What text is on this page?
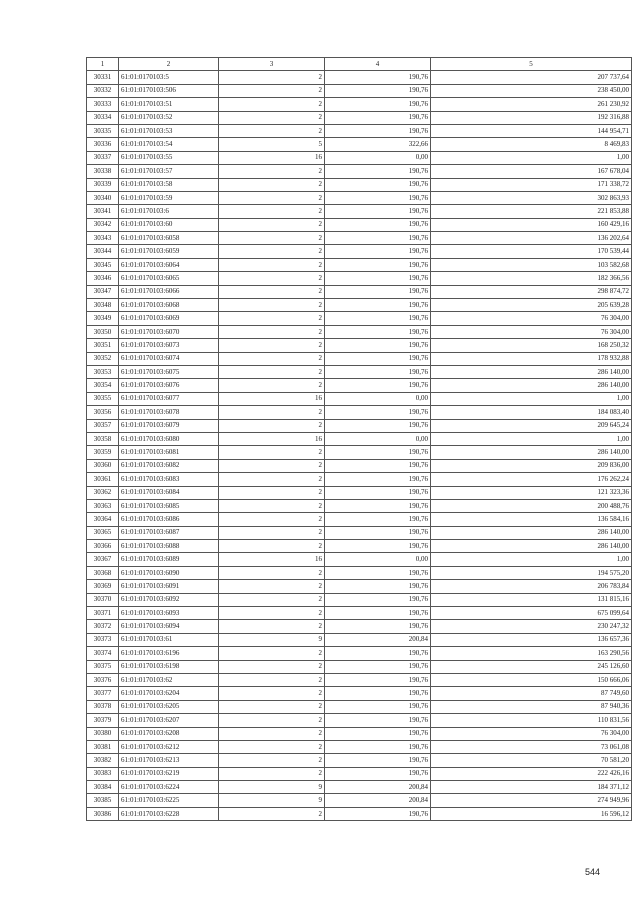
1	2	3	4	5
30331	61:01:0170103:5	2	190,76	207 737,64
30332	61:01:0170103:506	2	190,76	238 450,00
30333	61:01:0170103:51	2	190,76	261 230,92
30334	61:01:0170103:52	2	190,76	192 316,88
30335	61:01:0170103:53	2	190,76	144 954,71
30336	61:01:0170103:54	5	322,66	8 469,83
30337	61:01:0170103:55	16	0,00	1,00
30338	61:01:0170103:57	2	190,76	167 678,04
30339	61:01:0170103:58	2	190,76	171 338,72
30340	61:01:0170103:59	2	190,76	302 863,93
30341	61:01:0170103:6	2	190,76	221 853,88
30342	61:01:0170103:60	2	190,76	160 429,16
30343	61:01:0170103:6058	2	190,76	136 202,64
30344	61:01:0170103:6059	2	190,76	170 539,44
30345	61:01:0170103:6064	2	190,76	103 582,68
30346	61:01:0170103:6065	2	190,76	182 366,56
30347	61:01:0170103:6066	2	190,76	298 874,72
30348	61:01:0170103:6068	2	190,76	205 639,28
30349	61:01:0170103:6069	2	190,76	76 304,00
30350	61:01:0170103:6070	2	190,76	76 304,00
30351	61:01:0170103:6073	2	190,76	168 250,32
30352	61:01:0170103:6074	2	190,76	178 932,88
30353	61:01:0170103:6075	2	190,76	286 140,00
30354	61:01:0170103:6076	2	190,76	286 140,00
30355	61:01:0170103:6077	16	0,00	1,00
30356	61:01:0170103:6078	2	190,76	184 083,40
30357	61:01:0170103:6079	2	190,76	209 645,24
30358	61:01:0170103:6080	16	0,00	1,00
30359	61:01:0170103:6081	2	190,76	286 140,00
30360	61:01:0170103:6082	2	190,76	209 836,00
30361	61:01:0170103:6083	2	190,76	176 262,24
30362	61:01:0170103:6084	2	190,76	121 323,36
30363	61:01:0170103:6085	2	190,76	200 488,76
30364	61:01:0170103:6086	2	190,76	136 584,16
30365	61:01:0170103:6087	2	190,76	286 140,00
30366	61:01:0170103:6088	2	190,76	286 140,00
30367	61:01:0170103:6089	16	0,00	1,00
30368	61:01:0170103:6090	2	190,76	194 575,20
30369	61:01:0170103:6091	2	190,76	206 783,84
30370	61:01:0170103:6092	2	190,76	131 815,16
30371	61:01:0170103:6093	2	190,76	675 099,64
30372	61:01:0170103:6094	2	190,76	230 247,32
30373	61:01:0170103:61	9	200,84	136 657,36
30374	61:01:0170103:6196	2	190,76	163 290,56
30375	61:01:0170103:6198	2	190,76	245 126,60
30376	61:01:0170103:62	2	190,76	150 666,06
30377	61:01:0170103:6204	2	190,76	87 749,60
30378	61:01:0170103:6205	2	190,76	87 940,36
30379	61:01:0170103:6207	2	190,76	110 831,56
30380	61:01:0170103:6208	2	190,76	76 304,00
30381	61:01:0170103:6212	2	190,76	73 061,08
30382	61:01:0170103:6213	2	190,76	70 581,20
30383	61:01:0170103:6219	2	190,76	222 426,16
30384	61:01:0170103:6224	9	200,84	184 371,12
30385	61:01:0170103:6225	9	200,84	274 949,96
30386	61:01:0170103:6228	2	190,76	16 596,12
544
